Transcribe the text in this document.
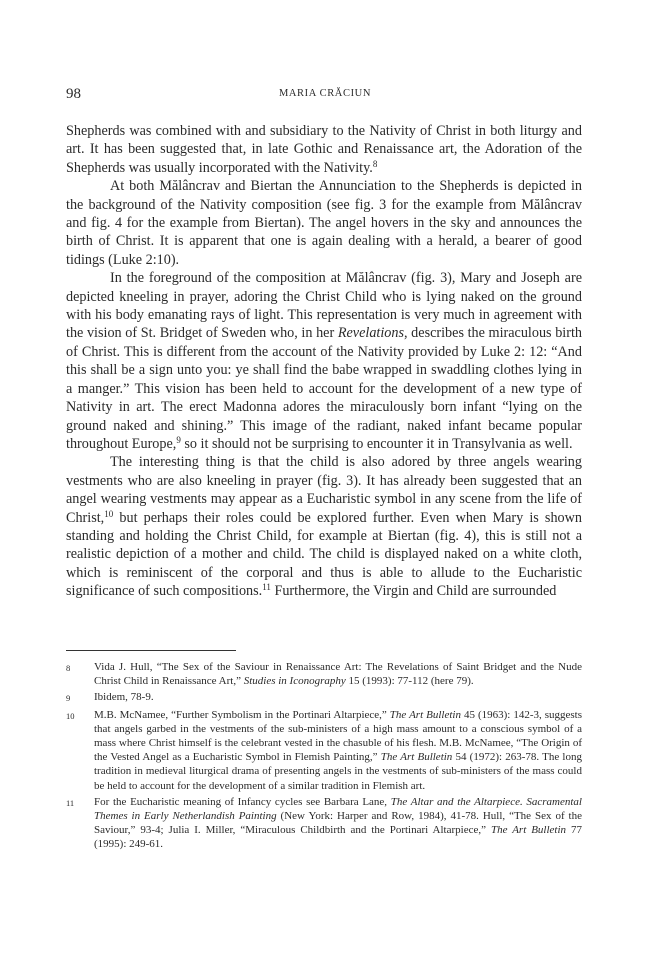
98	MARIA CRĂCIUN

Shepherds was combined with and subsidiary to the Nativity of Christ in both liturgy and art. It has been suggested that, in late Gothic and Renaissance art, the Adoration of the Shepherds was usually incorporated with the Nativity.$^8$

At both Mălâncrav and Biertan the Annunciation to the Shepherds is depicted in the background of the Nativity composition (see fig. 3 for the example from Mălâncrav and fig. 4 for the example from Biertan). The angel hovers in the sky and announces the birth of Christ. It is apparent that one is again dealing with a herald, a bearer of good tidings (Luke 2:10).

In the foreground of the composition at Mălâncrav (fig. 3), Mary and Joseph are depicted kneeling in prayer, adoring the Christ Child who is lying naked on the ground with his body emanating rays of light. This representation is very much in agreement with the vision of St. Bridget of Sweden who, in her Revelations, describes the miraculous birth of Christ. This is different from the account of the Nativity provided by Luke 2: 12: “And this shall be a sign unto you: ye shall find the babe wrapped in swaddling clothes lying in a manger.” This vision has been held to account for the development of a new type of Nativity in art. The erect Madonna adores the miraculously born infant “lying on the ground naked and shining.” This image of the radiant, naked infant became popular throughout Europe,$^9$ so it should not be surprising to encounter it in Transylvania as well.

The interesting thing is that the child is also adored by three angels wearing vestments who are also kneeling in prayer (fig. 3). It has already been suggested that an angel wearing vestments may appear as a Eucharistic symbol in any scene from the life of Christ,$^{10}$ but perhaps their roles could be explored further. Even when Mary is shown standing and holding the Christ Child, for example at Biertan (fig. 4), this is still not a realistic depiction of a mother and child. The child is displayed naked on a white cloth, which is reminiscent of the corporal and thus is able to allude to the Eucharistic significance of such compositions.$^{11}$ Furthermore, the Virgin and Child are surrounded

8	Vida J. Hull, “The Sex of the Saviour in Renaissance Art: The Revelations of Saint Bridget and the Nude Christ Child in Renaissance Art,” Studies in Iconography 15 (1993): 77-112 (here 79).
9	Ibidem, 78-9.
10	M.B. McNamee, “Further Symbolism in the Portinari Altarpiece,” The Art Bulletin 45 (1963): 142-3, suggests that angels garbed in the vestments of the sub-ministers of a high mass amount to a conscious symbol of a mass where Christ himself is the celebrant vested in the chasuble of his flesh. M.B. McNamee, “The Origin of the Vested Angel as a Eucharistic Symbol in Flemish Painting,” The Art Bulletin 54 (1972): 263-78. The long tradition in medieval liturgical drama of presenting angels in the vestments of sub-ministers of the mass could be held to account for the development of a similar tradition in Flemish art.
11	For the Eucharistic meaning of Infancy cycles see Barbara Lane, The Altar and the Altarpiece. Sacramental Themes in Early Netherlandish Painting (New York: Harper and Row, 1984), 41-78. Hull, “The Sex of the Saviour,” 93-4; Julia I. Miller, “Miraculous Childbirth and the Portinari Altarpiece,” The Art Bulletin 77 (1995): 249-61.
